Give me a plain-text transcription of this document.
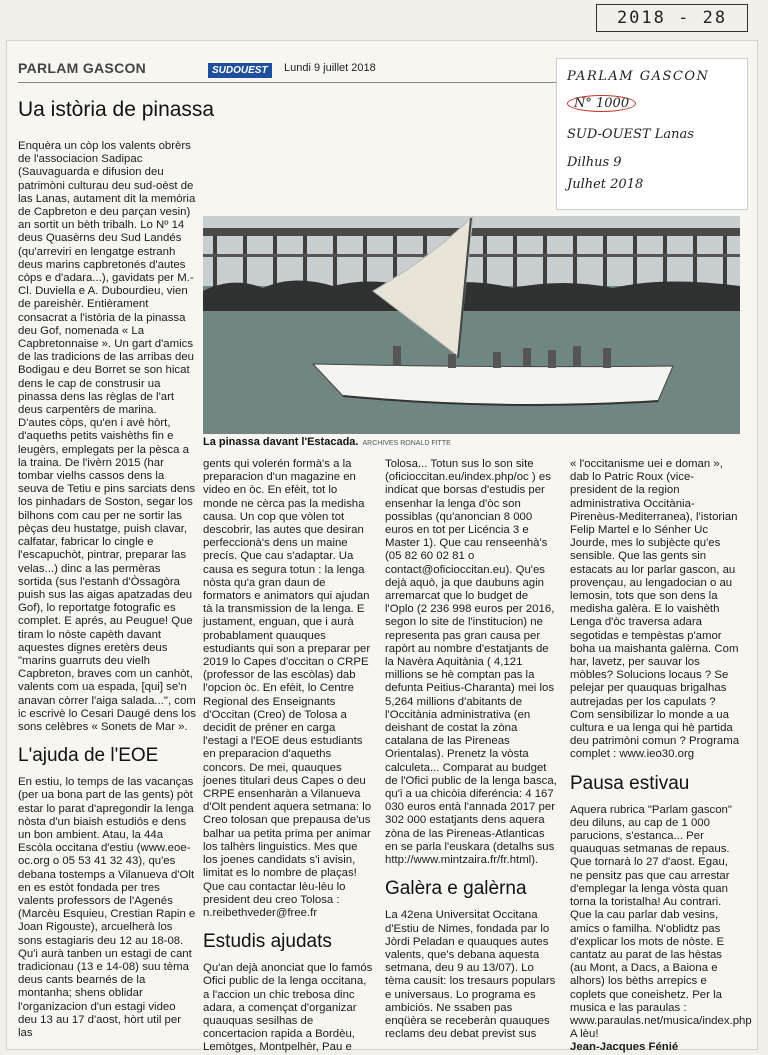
2018 - 28
PARLAM GASCON	SUDOUEST	Lundi 9 juillet 2018
PARLAM GASCON
N° 1000
SUD-OUEST Lanas
Dilhus 9
Julhet 2018
Ua istòria de pinassa

Enquèra un còp los valents obrèrs de l'associacion Sadipac (Sauvaguarda e difusion deu patrimòni culturau deu sud-oèst de las Lanas, autament dit la memòria de Capbreton e deu parçan vesin) an sortit un bèth tribalh. Lo Nº 14 deus Quasèrns deu Sud Landés (qu'arreviri en lengatge estranh deus marins capbretonés d'autes còps e d'adara...), gavidats per M.-Cl. Duviella e A. Dubourdieu, vien de pareishèr. Entièrament consacrat a l'istòria de la pinassa deu Gof, nomenada « La Capbretonnaise ». Un gart d'amics de las tradicions de las arribas deu Bodigau e deu Borret se son hicat dens le cap de construsir ua pinassa dens las règlas de l'art deus carpentèrs de marina. D'autes còps, qu'en i avè hòrt, d'aqueths petits vaishèths fin e leugèrs, emplegats per la pèsca a la traina. De l'ivèrn 2015 (har tombar vielhs cassos dens la seuva de Tetiu e pins sarciats dens los pinhadars de Soston, segar los bilhons com cau per ne sortir las pèças deu hustatge, puish clavar, calfatar, fabricar lo cingle e l'escapuchòt, pintrar, preparar las velas...) dinc a las permèras sortida (sus l'estanh d'Òssagòra puish sus las aigas apatzadas deu Gof), lo reportatge fotografic es complet. E aprés, au Peugue! Que tiram lo nòste capèth davant aquestes dignes eretèrs deus "marins guarruts deu vielh Capbreton, braves com un canhòt, valents com ua espada, [qui] se'n anavan còrrer l'aiga salada...", com ic escrivè lo Cesari Daugé dens los sons celèbres « Sonets de Mar ».

L'ajuda de l'EOE

En estiu, lo temps de las vacanças (per ua bona part de las gents) pòt estar lo parat d'apregondir la lenga nòsta d'un biaish estudiós e dens un bon ambient. Atau, la 44a Escòla occitana d'estiu (www.eoe-oc.org o 05 53 41 32 43), qu'es debana tostemps a Vilanueva d'Olt en es estòt fondada per tres valents professors de l'Agenés (Marcèu Esquieu, Crestian Rapin e Joan Rigouste), arcuelherà los sons estagiaris deu 12 au 18-08. Qu'i aurà tanben un estagi de cant tradicionau (13 e 14-08) suu tèma deus cants bearnés de la montanha; shens oblidar l'organizacion d'un estagi video deu 13 au 17 d'aost, hòrt util per las

La pinassa davant l'Estacada. ARCHIVES RONALD FITTE

gents qui volerén formà's a la preparacion d'un magazine en video en òc. En efèit, tot lo monde ne cèrca pas la medisha causa. Un cop que vòlen tot descobrir, las autes que desiran perfeccionà's dens un maine precís. Que cau s'adaptar. Ua causa es segura totun : la lenga nòsta qu'a gran daun de formators e animators qui ajudan tà la transmission de la lenga. E justament, enguan, que i aurà probablament quauques estudiants qui son a preparar per 2019 lo Capes d'occitan o CRPE (professor de las escòlas) dab l'opcion òc. En efèit, lo Centre Regional des Enseignants d'Occitan (Creo) de Tolosa a decidit de préner en carga l'estagi a l'EOE deus estudiants en preparacion d'aqueths concors. De mei, quauques joenes titulari deus Capes o deu CRPE ensenharàn a Vilanueva d'Olt pendent aquera setmana: lo Creo tolosan que prepausa de'us balhar ua petita prima per animar los talhèrs linguistics. Mes que los joenes candidats s'i avisin, limitat es lo nombre de plaças! Que cau contactar lèu-lèu lo president deu creo Tolosa : n.reibethveder@free.fr

Estudis ajudats

Qu'an dejà anonciat que lo famós Ofici public de la lenga occitana, a l'accion un chic trebosa dinc adara, a començat d'organizar quauquas sesilhas de concertacion rapida a Bordèu, Lemòtges, Montpelhèr, Pau e

Tolosa... Totun sus lo son site (oficioccitan.eu/index.php/oc ) es indicat que borsas d'estudis per ensenhar la lenga d'òc son possiblas (qu'anoncian 8 000 euros en tot per Licéncia 3 e Master 1). Que cau renseenhà's (05 82 60 02 81 o contact@oficioccitan.eu). Qu'es dejà aquò, ja que daubuns agin arremarcat que lo budget de l'Oplo (2 236 998 euros per 2016, segon lo site de l'institucion) ne representa pas gran causa per rapòrt au nombre d'estatjants de la Navèra Aquitània ( 4,121 millions se hè comptan pas la defunta Peitius-Charanta) mei los 5,264 millions d'abitants de l'Occitània administrativa (en deishant de costat la zòna catalana de las Pireneas Orientalas). Prenetz la vòsta calculeta... Comparat au budget de l'Ofici public de la lenga basca, qu'i a ua chicòia diferéncia: 4 167 030 euros entà l'annada 2017 per 302 000 estatjants dens aquera zòna de las Pireneas-Atlanticas en se parla l'euskara (detalhs sus http://www.mintzaira.fr/fr.html).

Galèra e galèrna

La 42ena Universitat Occitana d'Estiu de Nimes, fondada par lo Jòrdi Peladan e quauques autes valents, que's debana aquesta setmana, deu 9 au 13/07). Lo tèma causit: los tresaurs populars e universaus. Lo programa es ambiciós. Ne ssaben pas enqüèra se receberàn quauques reclams deu debat previst sus

« l'occitanisme uei e doman », dab lo Patric Roux (vice-president de la region administrativa Occitània-Pirenèus-Mediterranea), l'istorian Felip Martel e lo Sénher Uc Jourde, mes lo subjècte qu'es sensible. Que las gents sin estacats au lor parlar gascon, au provençau, au lengadocian o au lemosin, tots que son dens la medisha galèra. E lo vaishèth Lenga d'òc traversa adara segotidas e tempèstas p'amor boha ua maishanta galèrna. Com har, lavetz, per sauvar los mòbles? Solucions locaus ? Se pelejar per quauquas brigalhas autrejadas per los capulats ? Com sensibilizar lo monde a ua cultura e ua lenga qui hè partida deu patrimòni comun ? Programa complet : www.ieo30.org

Pausa estivau

Aquera rubrica "Parlam gascon" deu diluns, au cap de 1 000 parucions, s'estanca... Per quauquas setmanas de repaus. Que tornarà lo 27 d'aost. Egau, ne pensitz pas que cau arrestar d'emplegar la lenga vòsta quan torna la toristalha! Au contrari. Que la cau parlar dab vesins, amics o familha. N'oblidtz pas d'explicar los mots de nòste. E cantatz au parat de las hèstas (au Mont, a Dacs, a Baiona e alhors) los bèths arrepics e coplets que coneishetz. Per la musica e las paraulas : www.paraulas.net/musica/index.php A lèu!

Jean-Jacques Fénié
